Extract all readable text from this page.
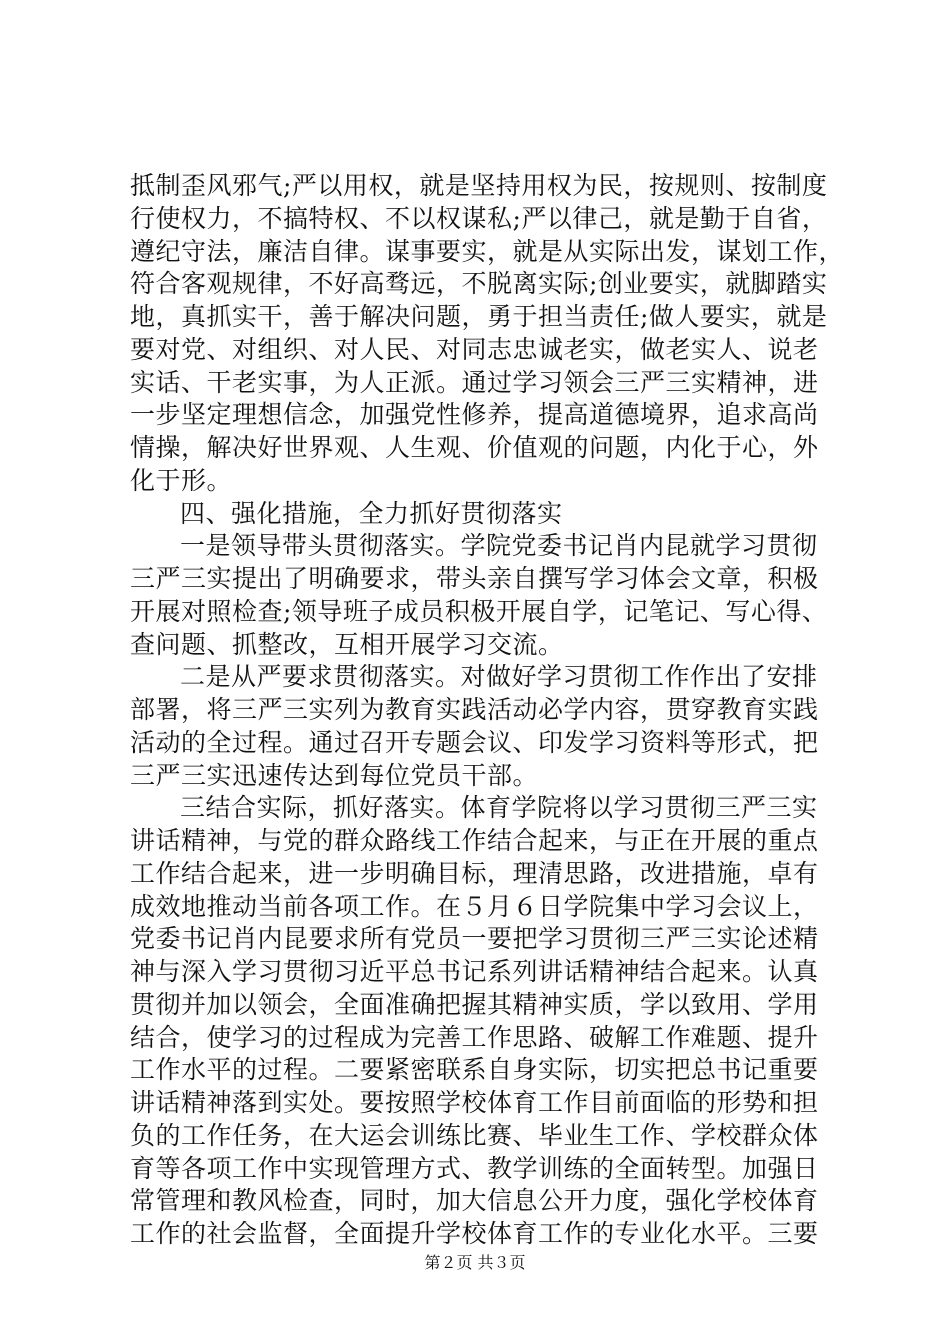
抵制歪风邪气;严以用权，就是坚持用权为民，按规则、按制度
行使权力，不搞特权、不以权谋私;严以律己，就是勤于自省，
遵纪守法，廉洁自律。谋事要实，就是从实际出发，谋划工作，
符合客观规律，不好高骛远，不脱离实际;创业要实，就脚踏实
地，真抓实干，善于解决问题，勇于担当责任;做人要实，就是
要对党、对组织、对人民、对同志忠诚老实，做老实人、说老
实话、干老实事，为人正派。通过学习领会三严三实精神，进
一步坚定理想信念，加强党性修养，提高道德境界，追求高尚
情操，解决好世界观、人生观、价值观的问题，内化于心，外
化于形。
四、强化措施，全力抓好贯彻落实
一是领导带头贯彻落实。学院党委书记肖内昆就学习贯彻
三严三实提出了明确要求，带头亲自撰写学习体会文章，积极
开展对照检查;领导班子成员积极开展自学，记笔记、写心得、
查问题、抓整改，互相开展学习交流。
二是从严要求贯彻落实。对做好学习贯彻工作作出了安排
部署，将三严三实列为教育实践活动必学内容，贯穿教育实践
活动的全过程。通过召开专题会议、印发学习资料等形式，把
三严三实迅速传达到每位党员干部。
三结合实际，抓好落实。体育学院将以学习贯彻三严三实
讲话精神，与党的群众路线工作结合起来，与正在开展的重点
工作结合起来，进一步明确目标，理清思路，改进措施，卓有
成效地推动当前各项工作。在５月６日学院集中学习会议上，
党委书记肖内昆要求所有党员一要把学习贯彻三严三实论述精
神与深入学习贯彻习近平总书记系列讲话精神结合起来。认真
贯彻并加以领会，全面准确把握其精神实质，学以致用、学用
结合，使学习的过程成为完善工作思路、破解工作难题、提升
工作水平的过程。二要紧密联系自身实际，切实把总书记重要
讲话精神落到实处。要按照学校体育工作目前面临的形势和担
负的工作任务，在大运会训练比赛、毕业生工作、学校群众体
育等各项工作中实现管理方式、教学训练的全面转型。加强日
常管理和教风检查，同时，加大信息公开力度，强化学校体育
工作的社会监督，全面提升学校体育工作的专业化水平。三要
第２页 共３页
